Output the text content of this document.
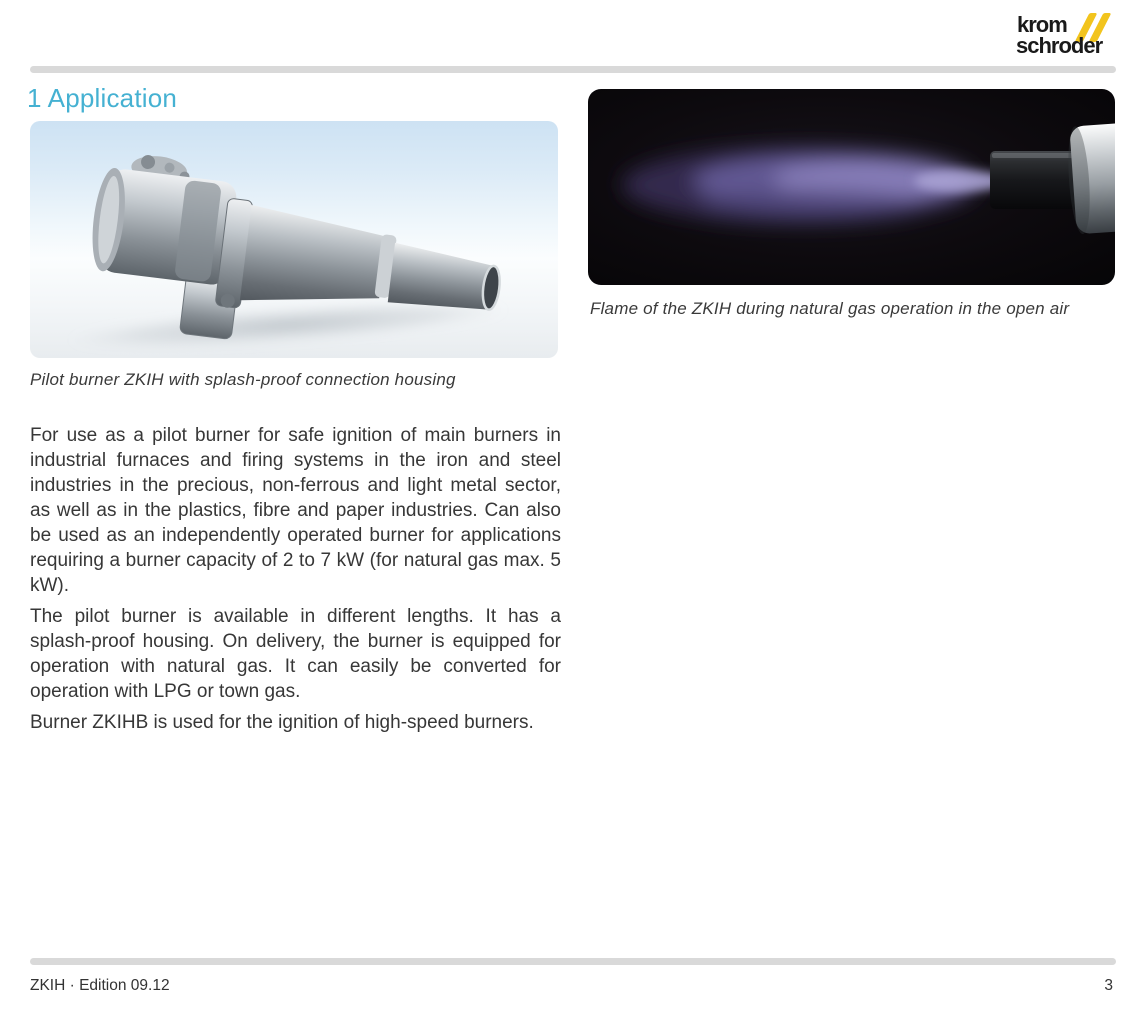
krom
schroder
1 Application
Pilot burner ZKIH with splash-proof connection housing
Flame of the ZKIH during natural gas operation in the open air

For use as a pilot burner for safe ignition of main burners in industrial furnaces and firing systems in the iron and steel industries in the precious, non-ferrous and light metal sector, as well as in the plastics, fibre and paper industries. Can also be used as an independently operated burner for applications requiring a burner capacity of 2 to 7 kW (for natural gas max. 5 kW).

The pilot burner is available in different lengths. It has a splash-proof housing. On delivery, the burner is equipped for operation with natural gas. It can easily be converted for operation with LPG or town gas.

Burner ZKIHB is used for the ignition of high-speed burners.

ZKIH · Edition 09.12	3
